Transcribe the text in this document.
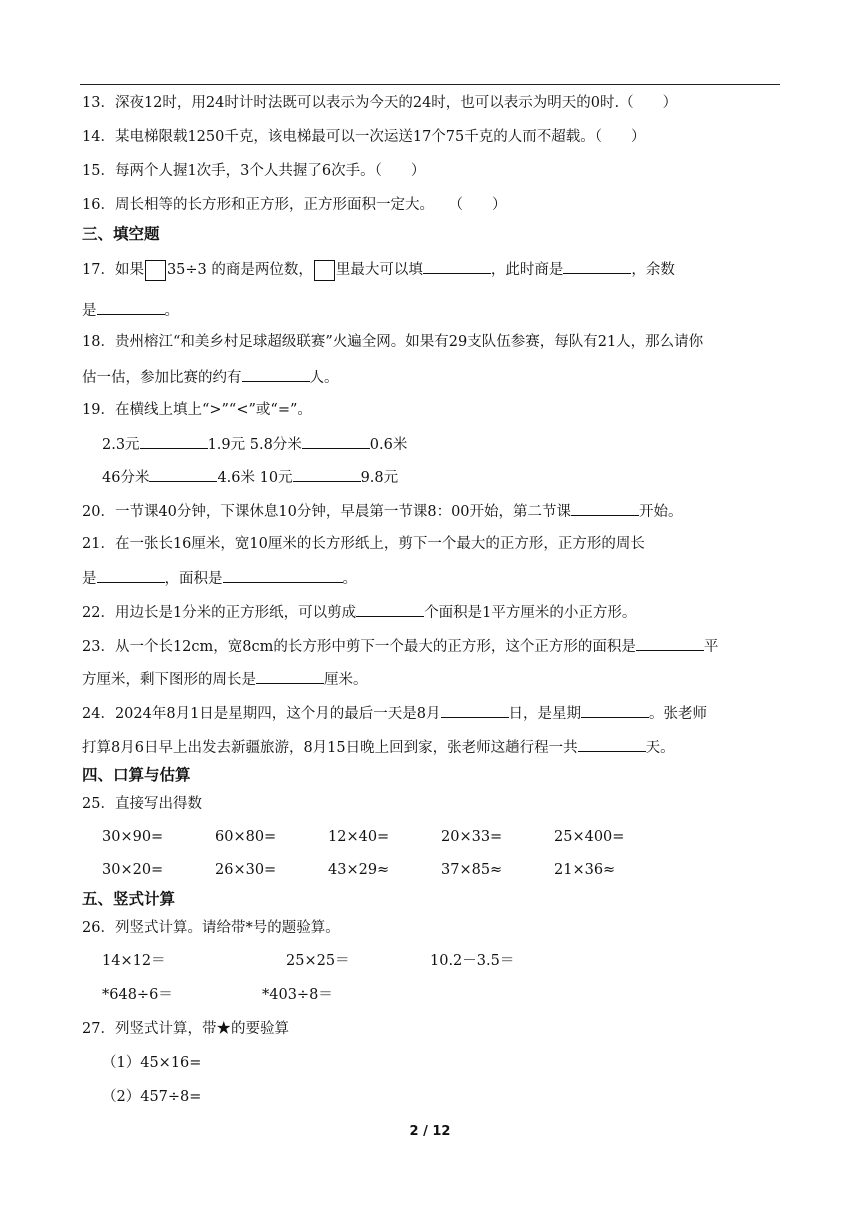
13．深夜12时，用24时计时法既可以表示为今天的24时，也可以表示为明天的0时.（　　）
14．某电梯限载1250千克，该电梯最可以一次运送17个75千克的人而不超载。（　　）
15．每两个人握1次手，3个人共握了6次手。（　　）
16．周长相等的长方形和正方形，正方形面积一定大。　　（　　）
三、填空题
17．如果 35÷3 的商是两位数， 里最大可以填	，此时商是	，余数
是	。
18．贵州榕江“和美乡村足球超级联赛”火遍全网。如果有29支队伍参赛，每队有21人，那么请你
估一估，参加比赛的约有	人。
19．在横线上填上“>”“<”或“=”。
2.3元	1.9元 5.8分米	0.6米
46分米	4.6米 10元	9.8元
20．一节课40分钟，下课休息10分钟，早晨第一节课8：00开始，第二节课	开始。
21．在一张长16厘米，宽10厘米的长方形纸上，剪下一个最大的正方形，正方形的周长
是	，面积是	。
22．用边长是1分米的正方形纸，可以剪成	个面积是1平方厘米的小正方形。
23．从一个长12cm，宽8cm的长方形中剪下一个最大的正方形，这个正方形的面积是	平
方厘米，剩下图形的周长是	厘米。
24．2024年8月1日是星期四，这个月的最后一天是8月	日，是星期	。张老师
打算8月6日早上出发去新疆旅游，8月15日晚上回到家，张老师这趟行程一共	天。
四、口算与估算
25．直接写出得数
30×90=	60×80=	12×40=	20×33=	25×400=
30×20=	26×30=	43×29≈	37×85≈	21×36≈
五、竖式计算
26．列竖式计算。请给带*号的题验算。
14×12＝	25×25＝	10.2－3.5＝
*648÷6＝	*403÷8＝
27．列竖式计算，带★的要验算
（1）45×16=
（2）457÷8=
2 / 12
